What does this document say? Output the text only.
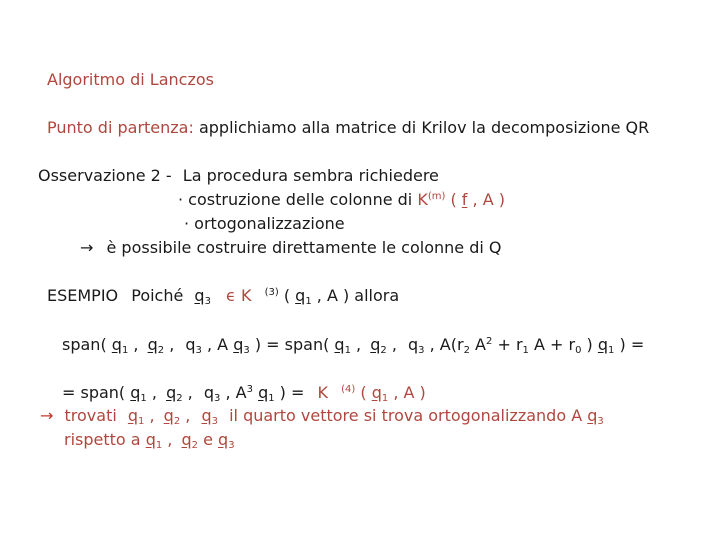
Algoritmo di Lanczos
Punto di partenza: applichiamo alla matrice di Krilov la decomposizione QR
Osservazione 2 - La procedura sembra richiedere
· costruzione delle colonne di $K^{(m)}$ ( f , A )
· ortogonalizzazione
→ è possibile costruire direttamente le colonne di Q
ESEMPIO Poiché $q_3$ ϵ K $^{(3)}$ ( $q_1$ , A ) allora
span( $q_1$ , $q_2$ , $q_3$ , A $q_3$ ) = span( $q_1$ , $q_2$ , $q_3$ , $A(r_2$ $A^2 + r_1$ $A + r_0$ ) $q_1$ ) =
= span( $q_1$ , $q_2$ , $q_3$ , $A^3$ $q_1$ ) = K $^{(4)}$ ( $q_1$ , A )
→ trovati $q_1$ , $q_2$ , $q_3$ il quarto vettore si trova ortogonalizzando A $q_3$
rispetto a $q_1$ , $q_2$ e $q_3$
